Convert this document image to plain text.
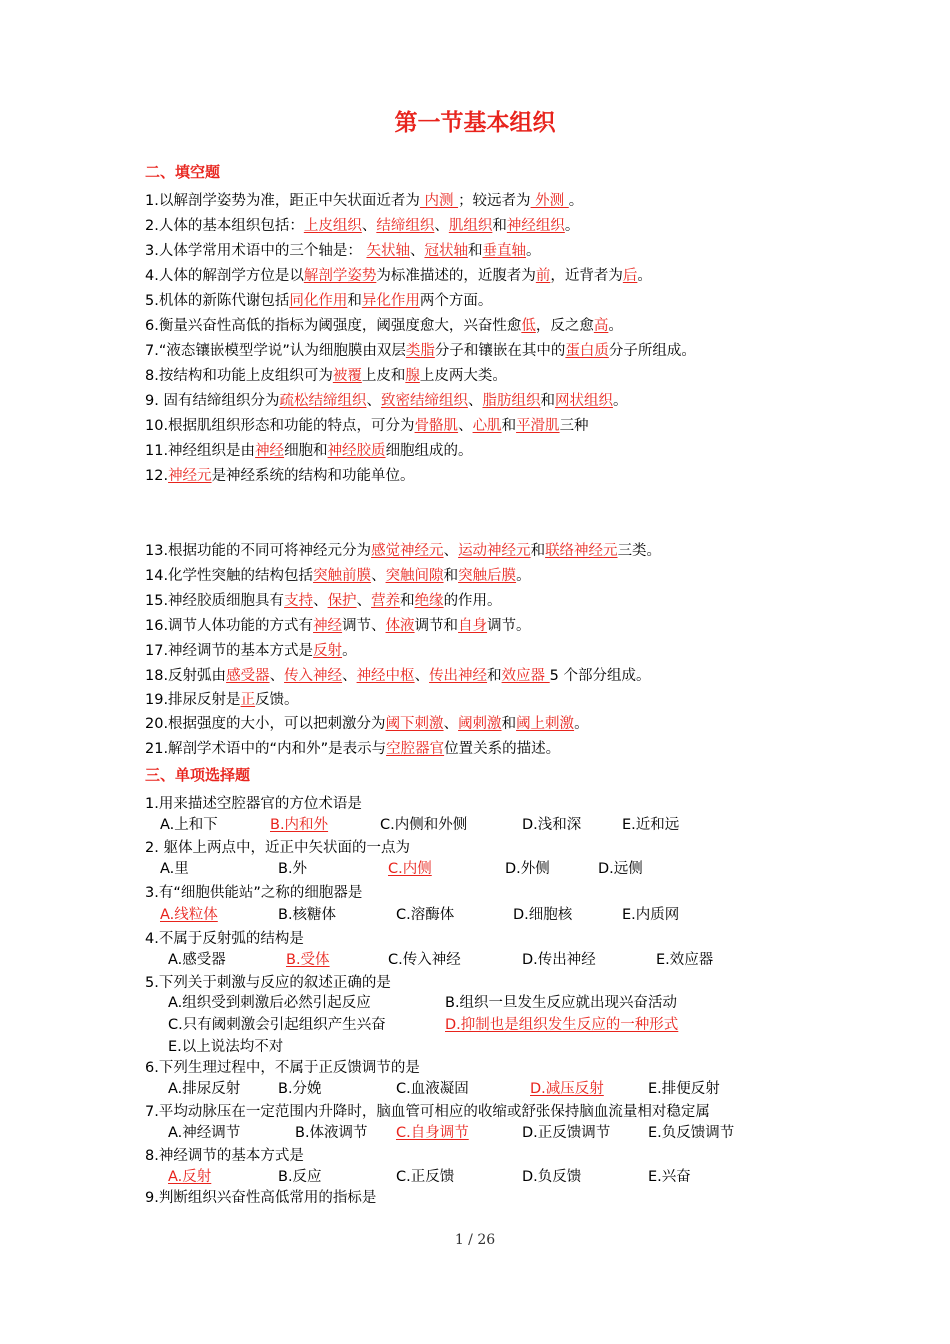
第一节基本组织
二、填空题
1.以解剖学姿势为准，距正中矢状面近者为 内测 ；较远者为 外测 。
2.人体的基本组织包括：上皮组织、结缔组织、肌组织和神经组织。
3.人体学常用术语中的三个轴是： 矢状轴、冠状轴和垂直轴。
4.人体的解剖学方位是以解剖学姿势为标准描述的，近腹者为前，近背者为后。
5.机体的新陈代谢包括同化作用和异化作用两个方面。
6.衡量兴奋性高低的指标为阈强度，阈强度愈大，兴奋性愈低，反之愈高。
7.“液态镶嵌模型学说”认为细胞膜由双层类脂分子和镶嵌在其中的蛋白质分子所组成。
8.按结构和功能上皮组织可为被覆上皮和腺上皮两大类。
9. 固有结缔组织分为疏松结缔组织、致密结缔组织、脂肪组织和网状组织。
10.根据肌组织形态和功能的特点，可分为骨骼肌、心肌和平滑肌三种
11.神经组织是由神经细胞和神经胶质细胞组成的。
12.神经元是神经系统的结构和功能单位。
13.根据功能的不同可将神经元分为感觉神经元、运动神经元和联络神经元三类。
14.化学性突触的结构包括突触前膜、突触间隙和突触后膜。
15.神经胶质细胞具有支持、保护、营养和绝缘的作用。
16.调节人体功能的方式有神经调节、体液调节和自身调节。
17.神经调节的基本方式是反射。
18.反射弧由感受器、传入神经、神经中枢、传出神经和效应器 5 个部分组成。
19.排尿反射是正反馈。
20.根据强度的大小，可以把刺激分为阈下刺激、阈刺激和阈上刺激。
21.解剖学术语中的“内和外”是表示与空腔器官位置关系的描述。
三、单项选择题
1.用来描述空腔器官的方位术语是
A.上和下	B.内和外	C.内侧和外侧	D.浅和深	E.近和远
2. 躯体上两点中，近正中矢状面的一点为
A.里	B.外	C.内侧	D.外侧	D.远侧
3.有“细胞供能站”之称的细胞器是
A.线粒体	B.核糖体	C.溶酶体	D.细胞核	E.内质网
4.不属于反射弧的结构是
A.感受器	B.受体	C.传入神经	D.传出神经	E.效应器
5.下列关于刺激与反应的叙述正确的是
A.组织受到刺激后必然引起反应	B.组织一旦发生反应就出现兴奋活动
C.只有阈刺激会引起组织产生兴奋	D.抑制也是组织发生反应的一种形式
E.以上说法均不对
6.下列生理过程中，不属于正反馈调节的是
A.排尿反射	B.分娩	C.血液凝固	D.减压反射	E.排便反射
7.平均动脉压在一定范围内升降时，脑血管可相应的收缩或舒张保持脑血流量相对稳定属
A.神经调节	B.体液调节 C.自身调节	D.正反馈调节	E.负反馈调节
8.神经调节的基本方式是
A.反射	B.反应	C.正反馈	D.负反馈	E.兴奋
9.判断组织兴奋性高低常用的指标是
1 / 26
